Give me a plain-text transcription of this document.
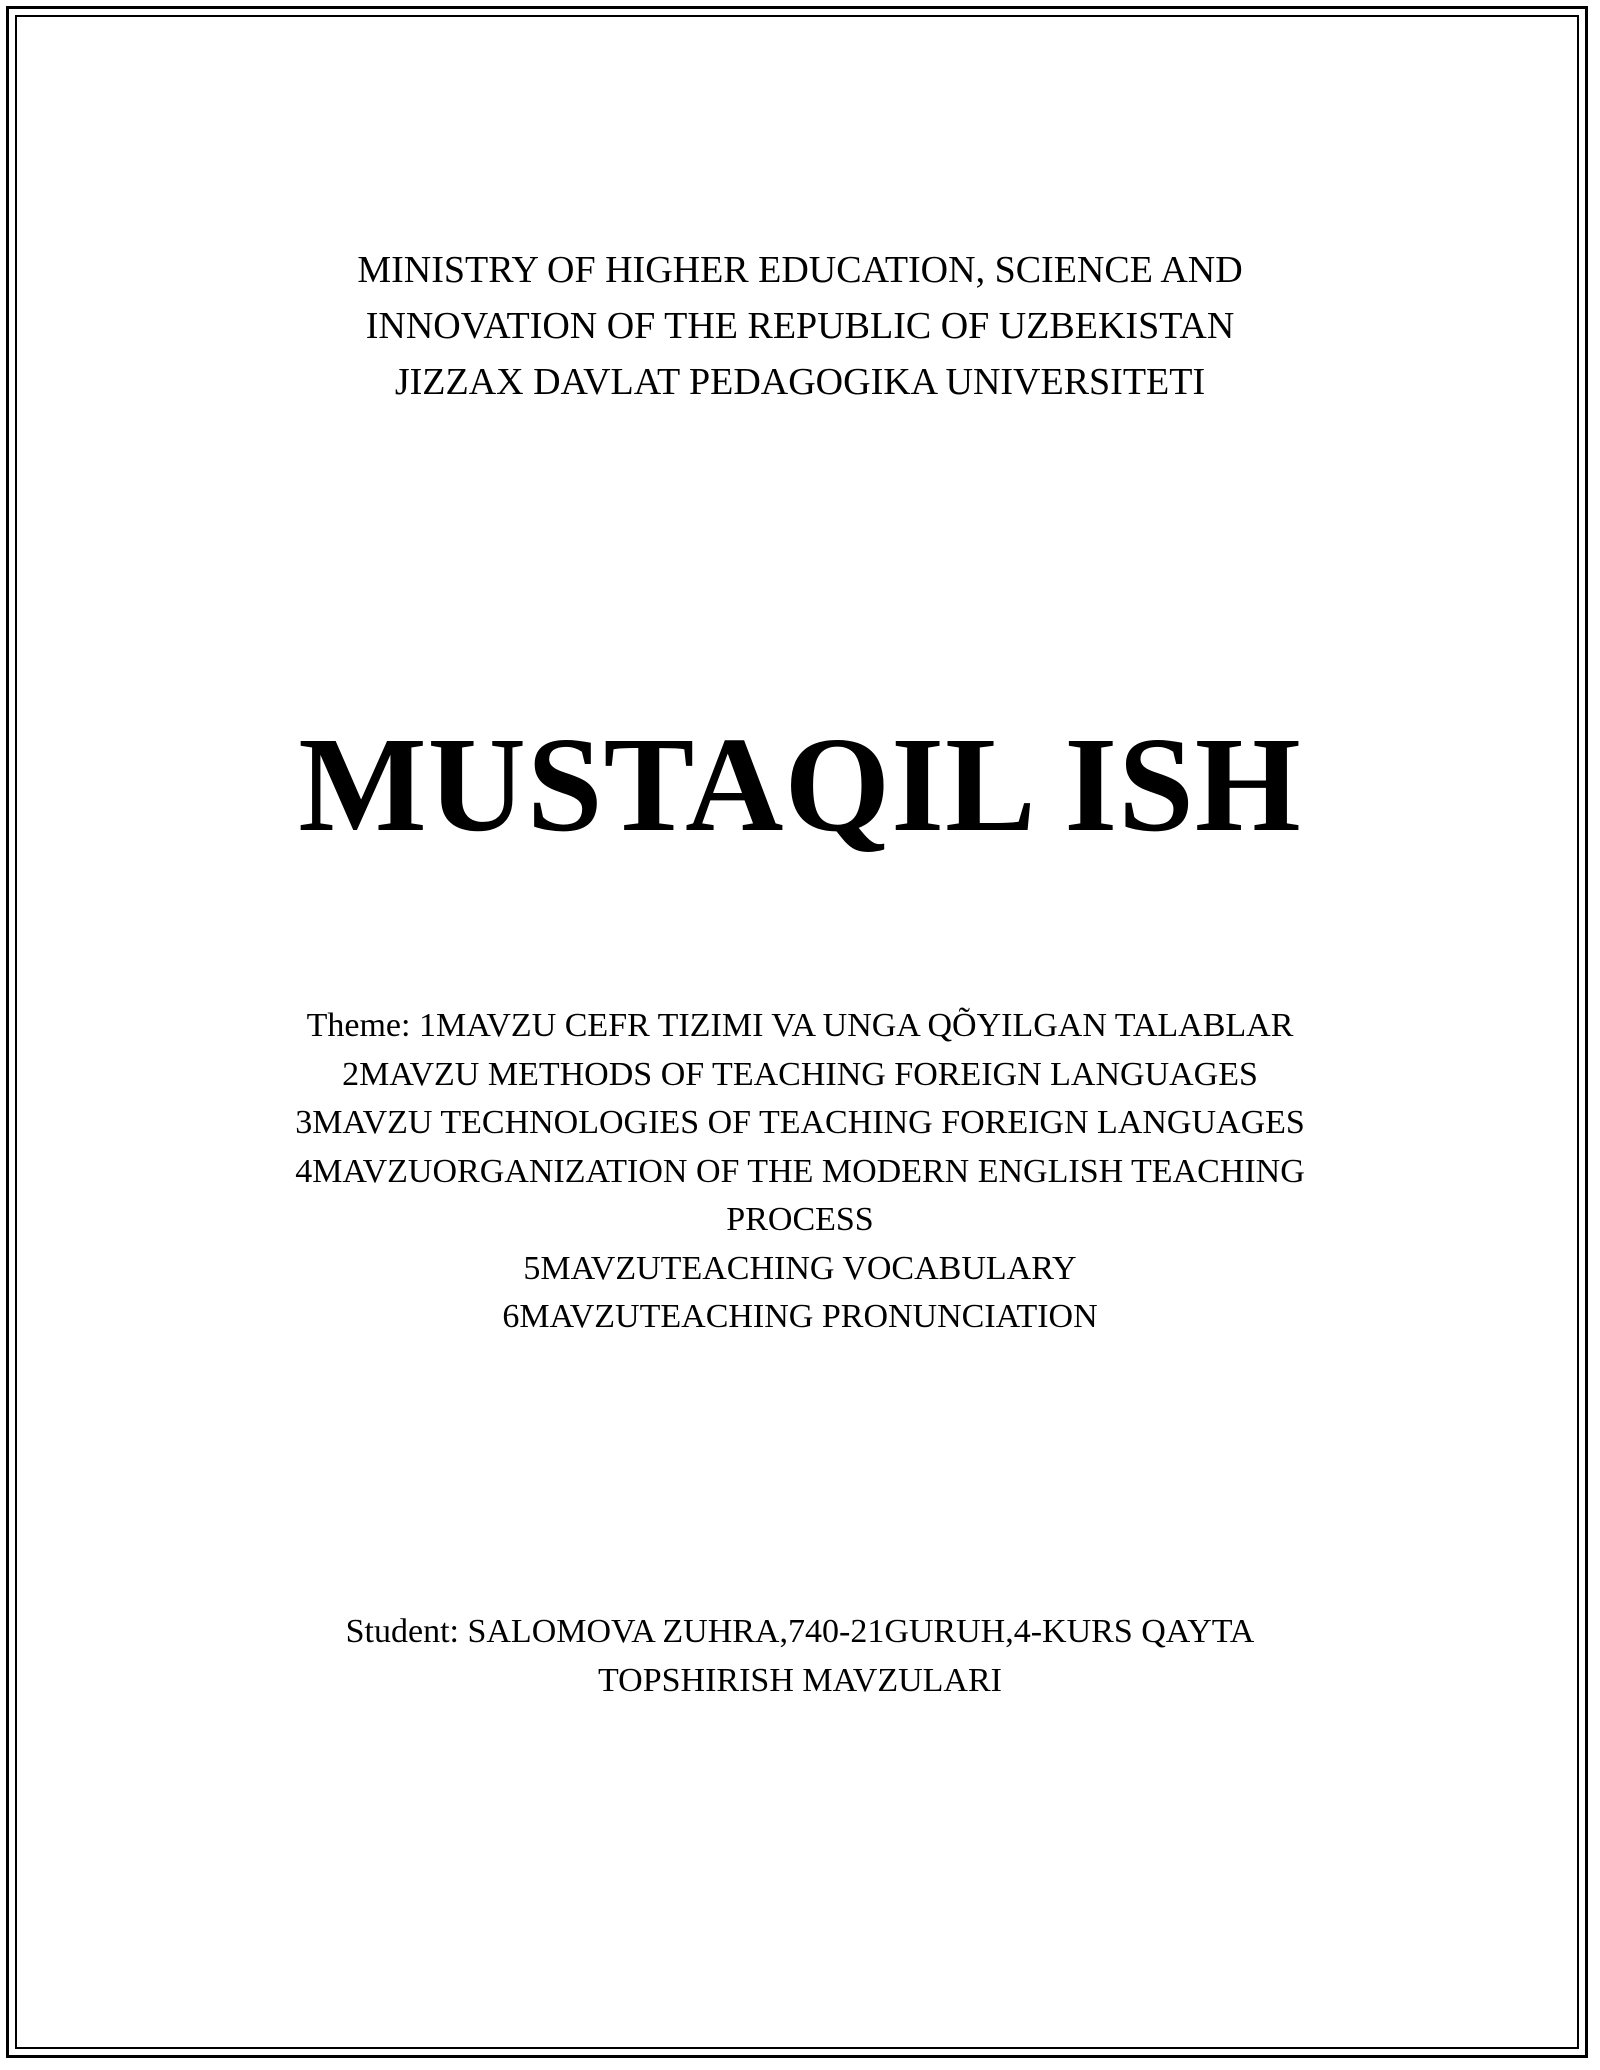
MINISTRY OF HIGHER EDUCATION, SCIENCE AND
INNOVATION OF THE REPUBLIC OF UZBEKISTAN
JIZZAX DAVLAT PEDAGOGIKA UNIVERSITETI
MUSTAQIL ISH
Theme: 1MAVZU CEFR TIZIMI VA UNGA QÕYILGAN TALABLAR
2MAVZU METHODS OF TEACHING FOREIGN LANGUAGES
3MAVZU TECHNOLOGIES OF TEACHING FOREIGN LANGUAGES
4MAVZUORGANIZATION OF THE MODERN ENGLISH TEACHING
PROCESS
5MAVZUTEACHING VOCABULARY
6MAVZUTEACHING PRONUNCIATION
Student: SALOMOVA ZUHRA,740-21GURUH,4-KURS QAYTA
TOPSHIRISH MAVZULARI
